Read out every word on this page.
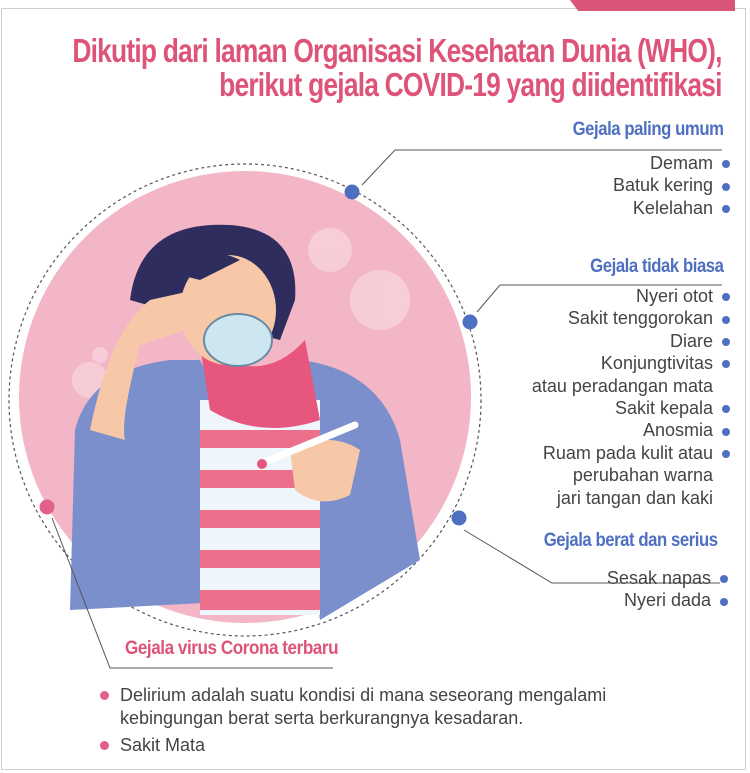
Dikutip dari laman Organisasi Kesehatan Dunia (WHO),
berikut gejala COVID-19 yang diidentifikasi
Gejala paling umum
Demam
Batuk kering
Kelelahan
Gejala tidak biasa
Nyeri otot
Sakit tenggorokan
Diare
Konjungtivitas
atau peradangan mata
Sakit kepala
Anosmia
Ruam pada kulit atau
perubahan warna
jari tangan dan kaki
Gejala berat dan serius
Sesak napas
Nyeri dada
Gejala virus Corona terbaru
Delirium adalah suatu kondisi di mana seseorang mengalami kebingungan berat serta berkurangnya kesadaran.
Sakit Mata
